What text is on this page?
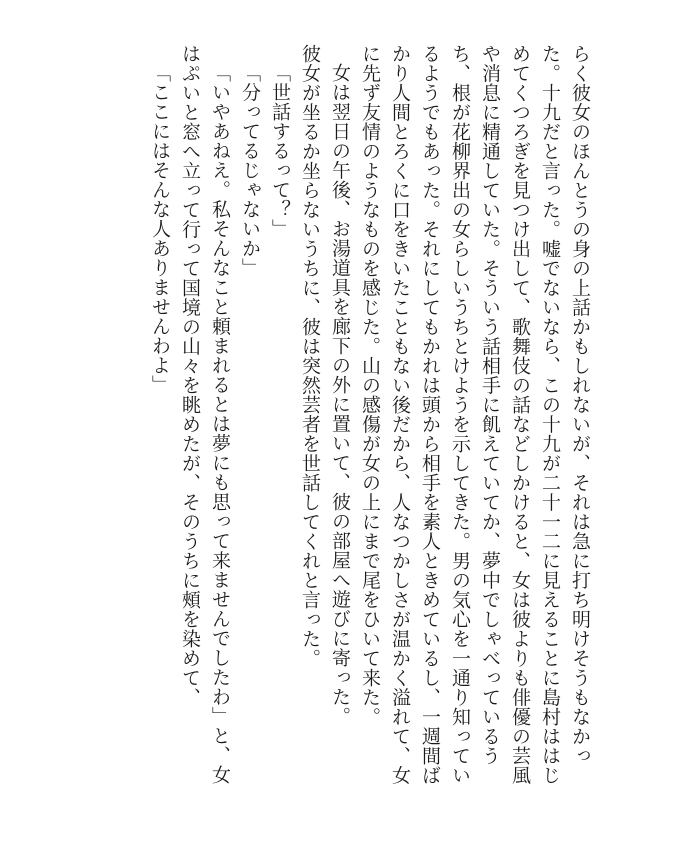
らく彼女のほんとうの身の上話かもしれないが、それは急に打ち明けそうもなかった。十九だと言った。嘘でないなら、この十九が二十一二に見えることに島村ははじめてくつろぎを見つけ出して、歌舞伎の話などしかけると、女は彼よりも俳優の芸風や消息に精通していた。そういう話相手に飢えていてか、夢中でしゃべっているうち、根が花柳界出の女らしいうちとけようを示してきた。男の気心を一通り知っているようでもあった。それにしてもかれは頭から相手を素人ときめているし、一週間ばかり人間とろくに口をきいたこともない後だから、人なつかしさが温かく溢れて、女に先ず友情のようなものを感じた。山の感傷が女の上にまで尾をひいて来た。

女は翌日の午後、お湯道具を廊下の外に置いて、彼の部屋へ遊びに寄った。

彼女が坐るか坐らないうちに、彼は突然芸者を世話してくれと言った。

「世話するって？」

「分ってるじゃないか」

「いやあねえ。私そんなこと頼まれるとは夢にも思って来ませんでしたわ」と、女はぷいと窓へ立って行って国境の山々を眺めたが、そのうちに頰を染めて、

「ここにはそんな人ありませんわよ」
